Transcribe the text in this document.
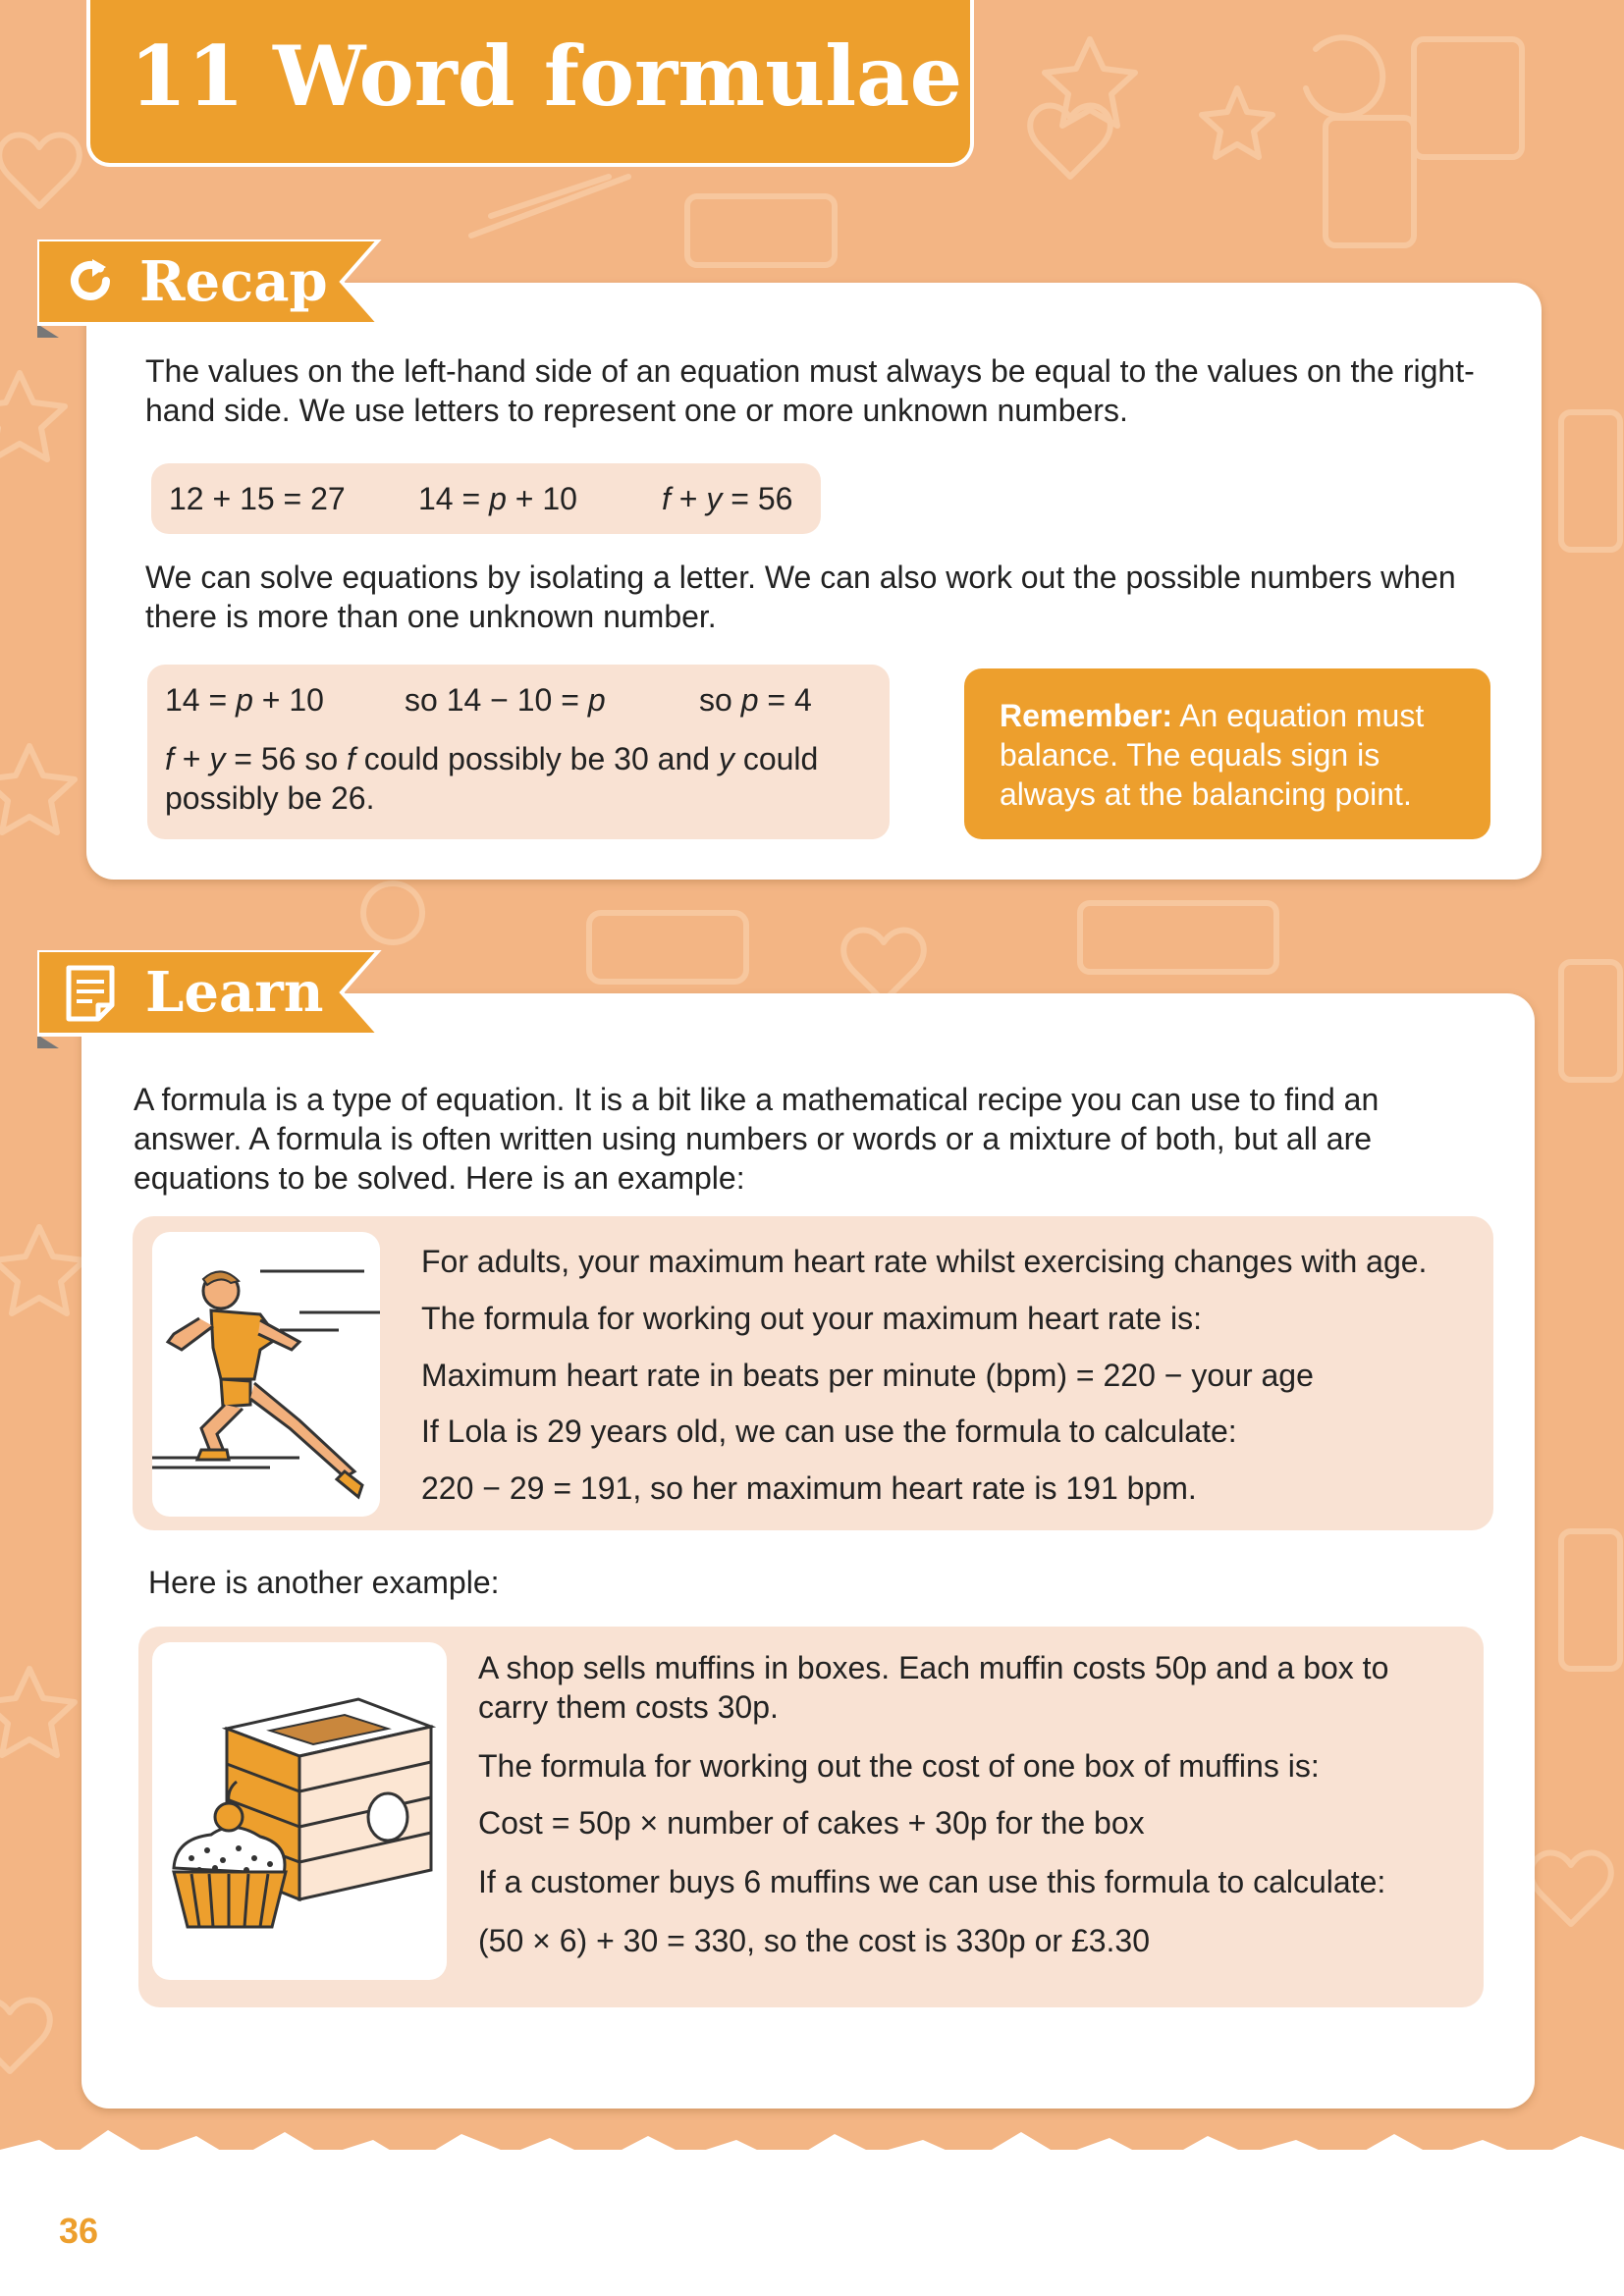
11 Word formulae
The values on the left-hand side of an equation must always be equal to the values on the right-hand side. We use letters to represent one or more unknown numbers.
12 + 15 = 27 14 = p + 10	f + y = 56
We can solve equations by isolating a letter. We can also work out the possible numbers when there is more than one unknown number.
14 = p + 10	so 14 − 10 = p	so p = 4
f + y = 56 so f could possibly be 30 and y could possibly be 26.
Remember: An equation must balance. The equals sign is always at the balancing point.
Recap
A formula is a type of equation. It is a bit like a mathematical recipe you can use to find an answer. A formula is often written using numbers or words or a mixture of both, but all are equations to be solved. Here is an example:
For adults, your maximum heart rate whilst exercising changes with age.
The formula for working out your maximum heart rate is:
Maximum heart rate in beats per minute (bpm) = 220 − your age
If Lola is 29 years old, we can use the formula to calculate:
220 − 29 = 191, so her maximum heart rate is 191 bpm.
Here is another example:
A shop sells muffins in boxes. Each muffin costs 50p and a box to carry them costs 30p.
The formula for working out the cost of one box of muffins is:
Cost = 50p × number of cakes + 30p for the box
If a customer buys 6 muffins we can use this formula to calculate:
(50 × 6) + 30 = 330, so the cost is 330p or £3.30
Learn
36
